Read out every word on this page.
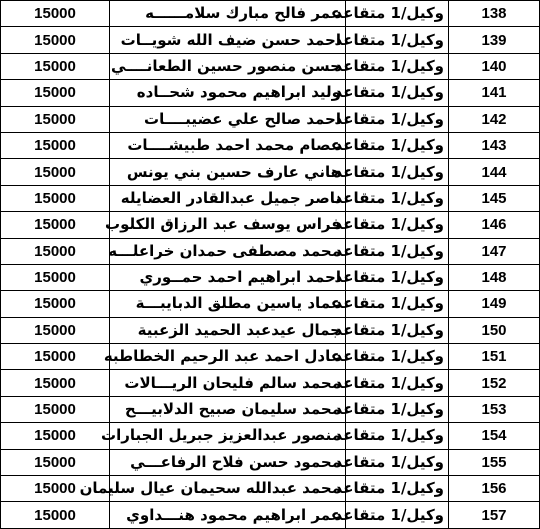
15000	عمر فالح مبارك سلامــــــه	وكيل/1 متقاعد	138
15000	احمد حسن ضيف الله شويــات	وكيل/1 متقاعد	139
15000	حسن منصور حسين الطعانــــي	وكيل/1 متقاعد	140
15000	وليد ابراهيم محمود شحــاده	وكيل/1 متقاعد	141
15000	احمد صالح علي عضيبــــات	وكيل/1 متقاعد	142
15000	عصام محمد احمد طبيشــــات	وكيل/1 متقاعد	143
15000	هاني عارف حسين بني يونس	وكيل/1 متقاعد	144
15000	ناصر جميل عبدالقادر العضايله	وكيل/1 متقاعد	145
15000	فراس يوسف عبد الرزاق الكلوب	وكيل/1 متقاعد	146
15000	محمد مصطفى حمدان خراعلـــه	وكيل/1 متقاعد	147
15000	احمد ابراهيم احمد حمــوري	وكيل/1 متقاعد	148
15000	عماد ياسين مطلق الدبايبـــة	وكيل/1 متقاعد	149
15000	جمال عيدعبد الحميد الزعبية	وكيل/1 متقاعد	150
15000	عادل احمد عبد الرحيم الخطاطبه	وكيل/1 متقاعد	151
15000	محمد سالم فليحان الريـــالات	وكيل/1 متقاعد	152
15000	محمد سليمان صبيح الدلابيـــح	وكيل/1 متقاعد	153
15000	منصور عبدالعزيز جبريل الجبارات	وكيل/1 متقاعد	154
15000	محمود حسن فلاح الرفاعـــي	وكيل/1 متقاعد	155
15000	محمد عبدالله سحيمان عيال سليمان	وكيل/1 متقاعد	156
15000	عمر ابراهيم محمود هنـــداوي	وكيل/1 متقاعد	157
